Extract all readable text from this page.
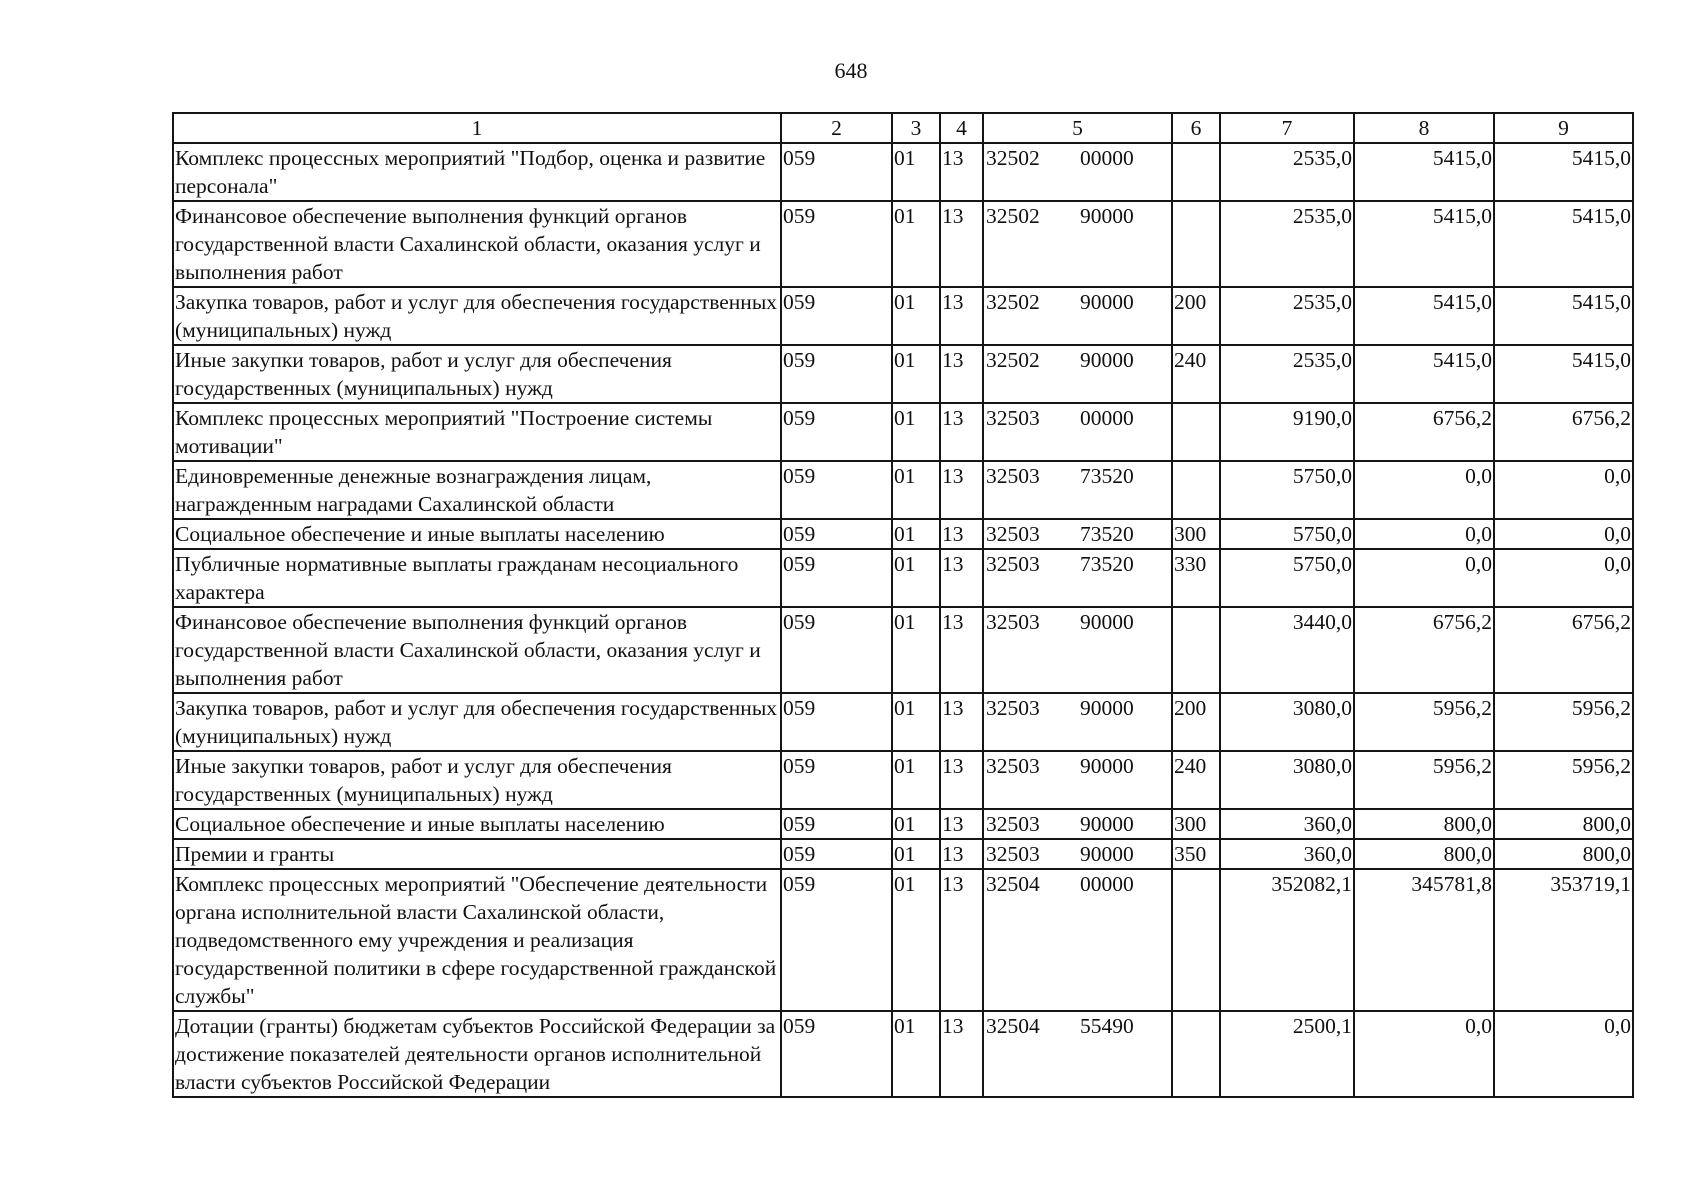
648
1	2	3	4	5	6	7	8	9
Комплекс процессных мероприятий "Подбор, оценка и развитие персонала"	059	01	13	32502 00000		2535,0	5415,0	5415,0
Финансовое обеспечение выполнения функций органов государственной власти Сахалинской области, оказания услуг и выполнения работ	059	01	13	32502 90000		2535,0	5415,0	5415,0
Закупка товаров, работ и услуг для обеспечения государственных (муниципальных) нужд	059	01	13	32502 90000	200	2535,0	5415,0	5415,0
Иные закупки товаров, работ и услуг для обеспечения государственных (муниципальных) нужд	059	01	13	32502 90000	240	2535,0	5415,0	5415,0
Комплекс процессных мероприятий "Построение системы мотивации"	059	01	13	32503 00000		9190,0	6756,2	6756,2
Единовременные денежные вознаграждения лицам, награжденным наградами Сахалинской области	059	01	13	32503 73520		5750,0	0,0	0,0
Социальное обеспечение и иные выплаты населению	059	01	13	32503 73520	300	5750,0	0,0	0,0
Публичные нормативные выплаты гражданам несоциального характера	059	01	13	32503 73520	330	5750,0	0,0	0,0
Финансовое обеспечение выполнения функций органов государственной власти Сахалинской области, оказания услуг и выполнения работ	059	01	13	32503 90000		3440,0	6756,2	6756,2
Закупка товаров, работ и услуг для обеспечения государственных (муниципальных) нужд	059	01	13	32503 90000	200	3080,0	5956,2	5956,2
Иные закупки товаров, работ и услуг для обеспечения государственных (муниципальных) нужд	059	01	13	32503 90000	240	3080,0	5956,2	5956,2
Социальное обеспечение и иные выплаты населению	059	01	13	32503 90000	300	360,0	800,0	800,0
Премии и гранты	059	01	13	32503 90000	350	360,0	800,0	800,0
Комплекс процессных мероприятий "Обеспечение деятельности органа исполнительной власти Сахалинской области, подведомственного ему учреждения и реализация государственной политики в сфере государственной гражданской службы"	059	01	13	32504 00000		352082,1	345781,8	353719,1
Дотации (гранты) бюджетам субъектов Российской Федерации за достижение показателей деятельности органов исполнительной власти субъектов Российской Федерации	059	01	13	32504 55490		2500,1	0,0	0,0
